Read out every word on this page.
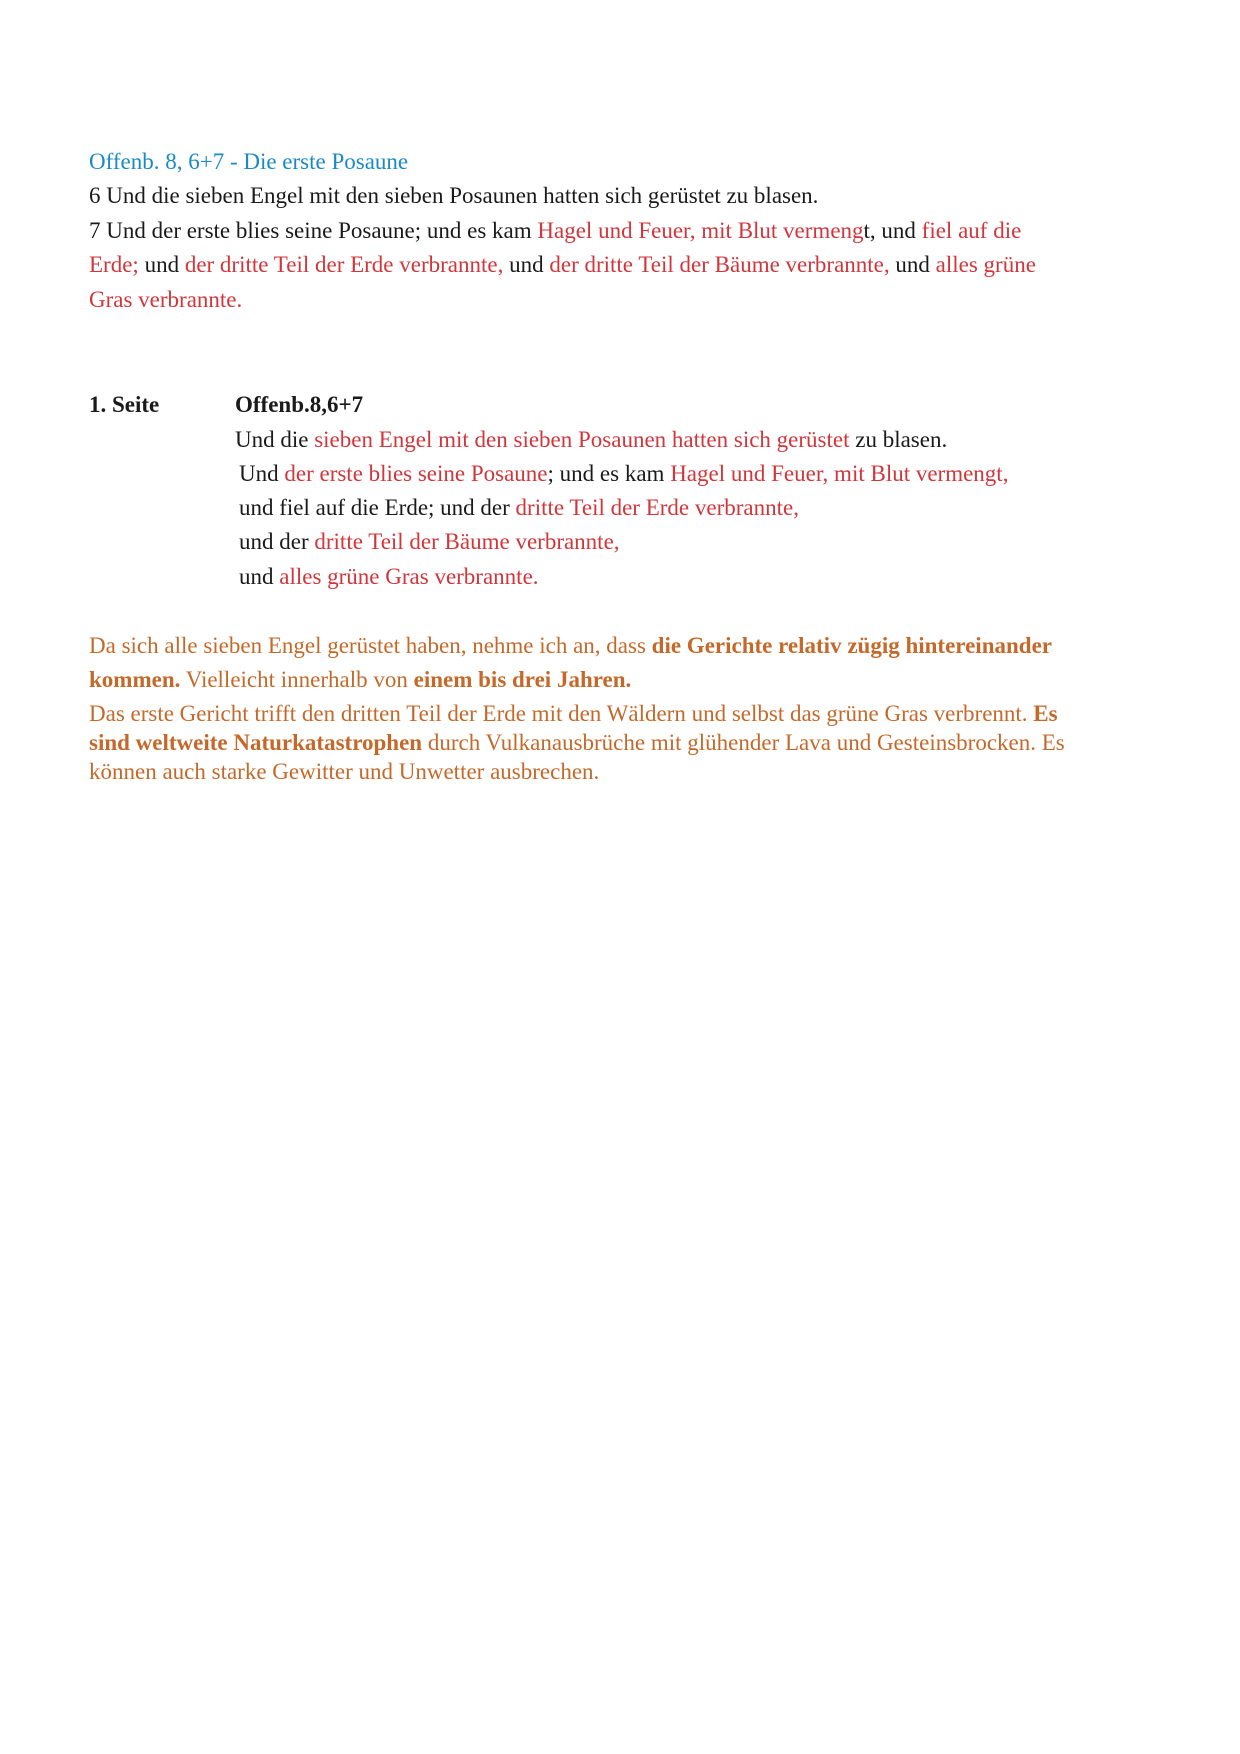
Offenb. 8, 6+7 - Die erste Posaune
6 Und die sieben Engel mit den sieben Posaunen hatten sich gerüstet zu blasen.
7 Und der erste blies seine Posaune; und es kam Hagel und Feuer, mit Blut vermengt, und fiel auf die
Erde; und der dritte Teil der Erde verbrannte, und der dritte Teil der Bäume verbrannte, und alles grüne
Gras verbrannte.
1. Seite	Offenb.8,6+7
Und die sieben Engel mit den sieben Posaunen hatten sich gerüstet zu blasen.
Und der erste blies seine Posaune; und es kam Hagel und Feuer, mit Blut vermengt,
und fiel auf die Erde; und der dritte Teil der Erde verbrannte,
und der dritte Teil der Bäume verbrannte,
und alles grüne Gras verbrannte.
Da sich alle sieben Engel gerüstet haben, nehme ich an, dass die Gerichte relativ zügig hintereinander
kommen. Vielleicht innerhalb von einem bis drei Jahren.
Das erste Gericht trifft den dritten Teil der Erde mit den Wäldern und selbst das grüne Gras verbrennt. Es
sind weltweite Naturkatastrophen durch Vulkanausbrüche mit glühender Lava und Gesteinsbrocken. Es
können auch starke Gewitter und Unwetter ausbrechen.
